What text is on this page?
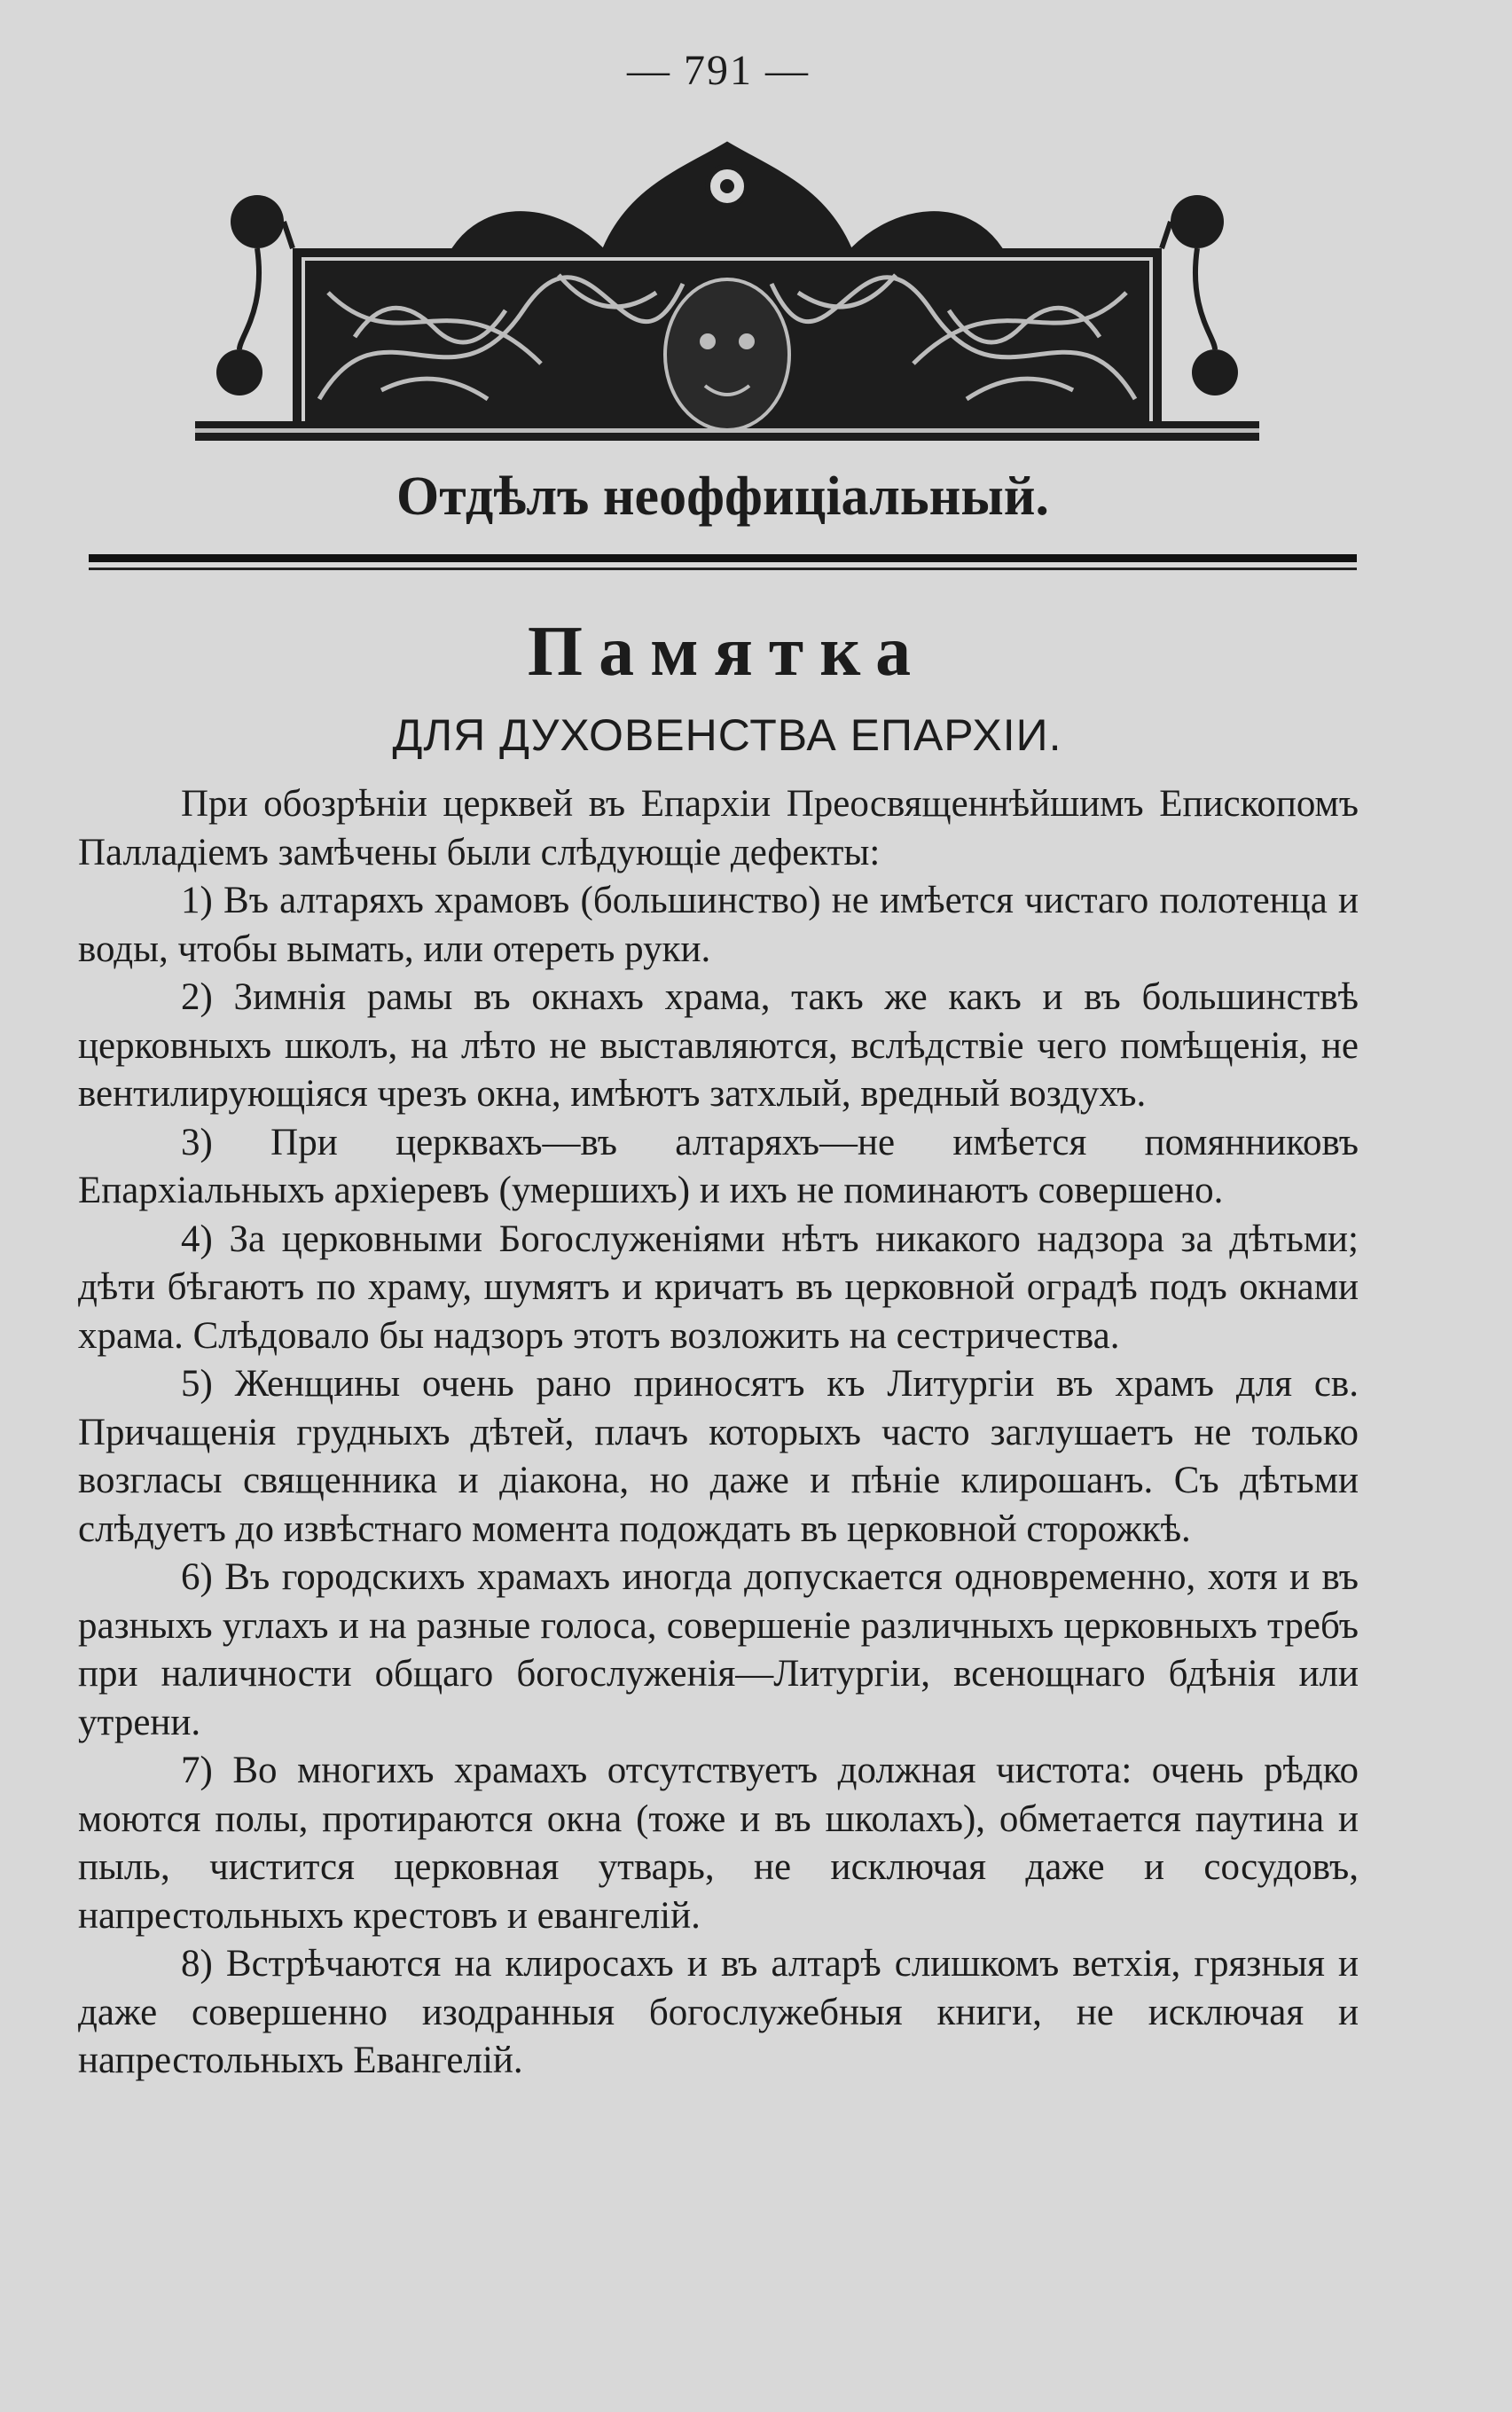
— 791 —
Отдѣлъ неоффиціальный.
Памятка
ДЛЯ ДУХОВЕНСТВА ЕПАРХІИ.

При обозрѣніи церквей въ Епархіи Преосвященнѣйшимъ Епископомъ Палладіемъ замѣчены были слѣдующіе дефекты:

1) Въ алтаряхъ храмовъ (большинство) не имѣется чистаго полотенца и воды, чтобы вымать, или отереть руки.

2) Зимнія рамы въ окнахъ храма, такъ же какъ и въ большинствѣ церковныхъ школъ, на лѣто не выставляются, вслѣдствіе чего помѣщенія, не вентилирующіяся чрезъ окна, имѣютъ затхлый, вредный воздухъ.

3) При церквахъ—въ алтаряхъ—не имѣется помянниковъ Епархіальныхъ архіеревъ (умершихъ) и ихъ не поминаютъ совершено.

4) За церковными Богослуженіями нѣтъ никакого надзора за дѣтьми; дѣти бѣгаютъ по храму, шумятъ и кричатъ въ церковной оградѣ подъ окнами храма. Слѣдовало бы надзоръ этотъ возложить на сестричества.

5) Женщины очень рано приносятъ къ Литургіи въ храмъ для св. Причащенія грудныхъ дѣтей, плачъ которыхъ часто заглушаетъ не только возгласы священника и діакона, но даже и пѣніе клирошанъ. Съ дѣтьми слѣдуетъ до извѣстнаго момента подождать въ церковной сторожкѣ.

6) Въ городскихъ храмахъ иногда допускается одновременно, хотя и въ разныхъ углахъ и на разные голоса, совершеніе различныхъ церковныхъ требъ при наличности общаго богослуженія—Литургіи, всенощнаго бдѣнія или утрени.

7) Во многихъ храмахъ отсутствуетъ должная чистота: очень рѣдко моются полы, протираются окна (тоже и въ школахъ), обметается паутина и пыль, чистится церковная утварь, не исключая даже и сосудовъ, напрестольныхъ крестовъ и евангелій.

8) Встрѣчаются на клиросахъ и въ алтарѣ слишкомъ ветхія, грязныя и даже совершенно изодранныя богослужебныя книги, не исключая и напрестольныхъ Евангелій.
